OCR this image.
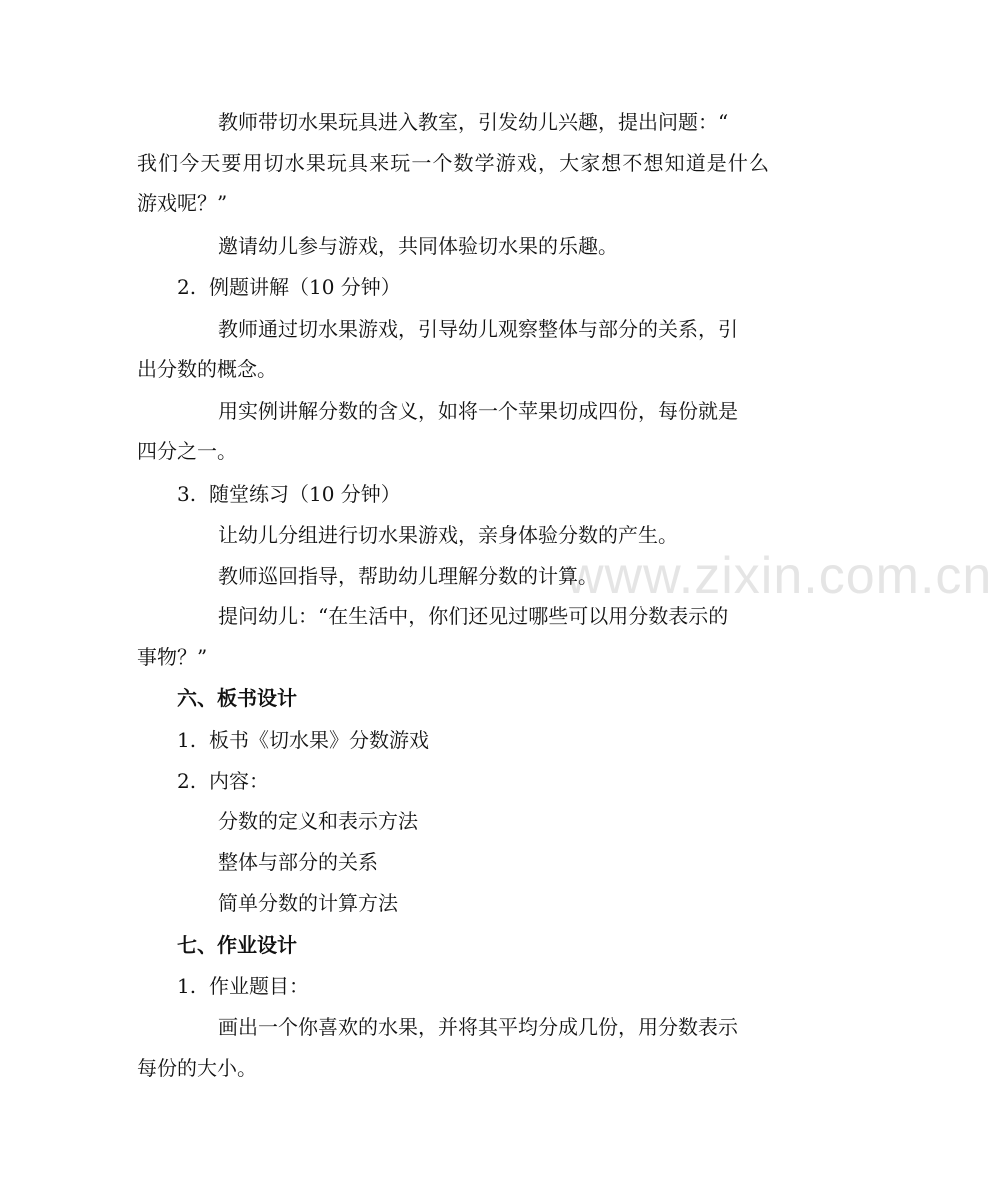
www.zixin.com.cn
教师带切水果玩具进入教室，引发幼儿兴趣，提出问题：“
我们今天要用切水果玩具来玩一个数学游戏，大家想不想知道是什么
游戏呢？”
邀请幼儿参与游戏，共同体验切水果的乐趣。
2. 例题讲解（10 分钟）
教师通过切水果游戏，引导幼儿观察整体与部分的关系，引
出分数的概念。
用实例讲解分数的含义，如将一个苹果切成四份，每份就是
四分之一。
3. 随堂练习（10 分钟）
让幼儿分组进行切水果游戏，亲身体验分数的产生。
教师巡回指导，帮助幼儿理解分数的计算。
提问幼儿：“在生活中，你们还见过哪些可以用分数表示的
事物？”
六、板书设计
1. 板书《切水果》分数游戏
2. 内容：
分数的定义和表示方法
整体与部分的关系
简单分数的计算方法
七、作业设计
1. 作业题目：
画出一个你喜欢的水果，并将其平均分成几份，用分数表示
每份的大小。
